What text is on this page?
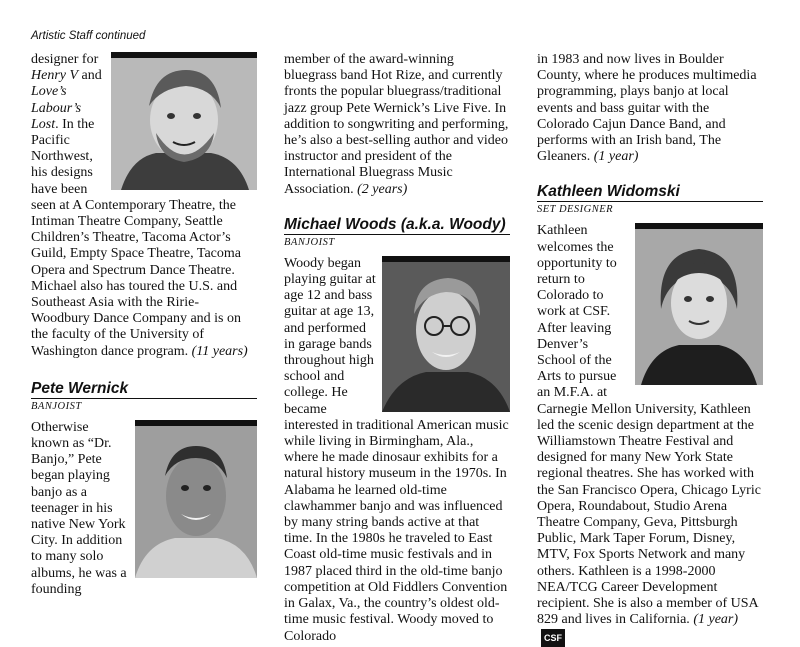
Artistic Staff continued

designer for Henry V and Love’s Labour’s Lost. In the Pacific Northwest, his designs have been seen at A Contemporary Theatre, the Intiman Theatre Company, Seattle Children’s Theatre, Tacoma Actor’s Guild, Empty Space Theatre, Tacoma Opera and Spectrum Dance Theatre. Michael also has toured the U.S. and Southeast Asia with the Ririe-Woodbury Dance Company and is on the faculty of the University of Washington dance program. (11 years)

Pete Wernick
BANJOIST

Otherwise known as “Dr. Banjo,” Pete began playing banjo as a teenager in his native New York City. In addition to many solo albums, he was a founding

member of the award-winning bluegrass band Hot Rize, and currently fronts the popular bluegrass/traditional jazz group Pete Wernick’s Live Five. In addition to songwriting and performing, he’s also a best-selling author and video instructor and president of the International Bluegrass Music Association. (2 years)

Michael Woods (a.k.a. Woody)
BANJOIST

Woody began playing guitar at age 12 and bass guitar at age 13, and performed in garage bands throughout high school and college. He became interested in traditional American music while living in Birmingham, Ala., where he made dinosaur exhibits for a natural history museum in the 1970s. In Alabama he learned old-time clawhammer banjo and was influenced by many string bands active at that time. In the 1980s he traveled to East Coast old-time music festivals and in 1987 placed third in the old-time banjo competition at Old Fiddlers Convention in Galax, Va., the country’s oldest old-time music festival. Woody moved to Colorado

in 1983 and now lives in Boulder County, where he produces multimedia programming, plays banjo at local events and bass guitar with the Colorado Cajun Dance Band, and performs with an Irish band, The Gleaners. (1 year)

Kathleen Widomski
SET DESIGNER

Kathleen welcomes the opportunity to return to Colorado to work at CSF. After leaving Denver’s School of the Arts to pursue an M.F.A. at Carnegie Mellon University, Kathleen led the scenic design department at the Williamstown Theatre Festival and designed for many New York State regional theatres. She has worked with the San Francisco Opera, Chicago Lyric Opera, Roundabout, Studio Arena Theatre Company, Geva, Pittsburgh Public, Mark Taper Forum, Disney, MTV, Fox Sports Network and many others. Kathleen is a 1998-2000 NEA/TCG Career Development recipient. She is also a member of USA 829 and lives in California. (1 year)CSF
